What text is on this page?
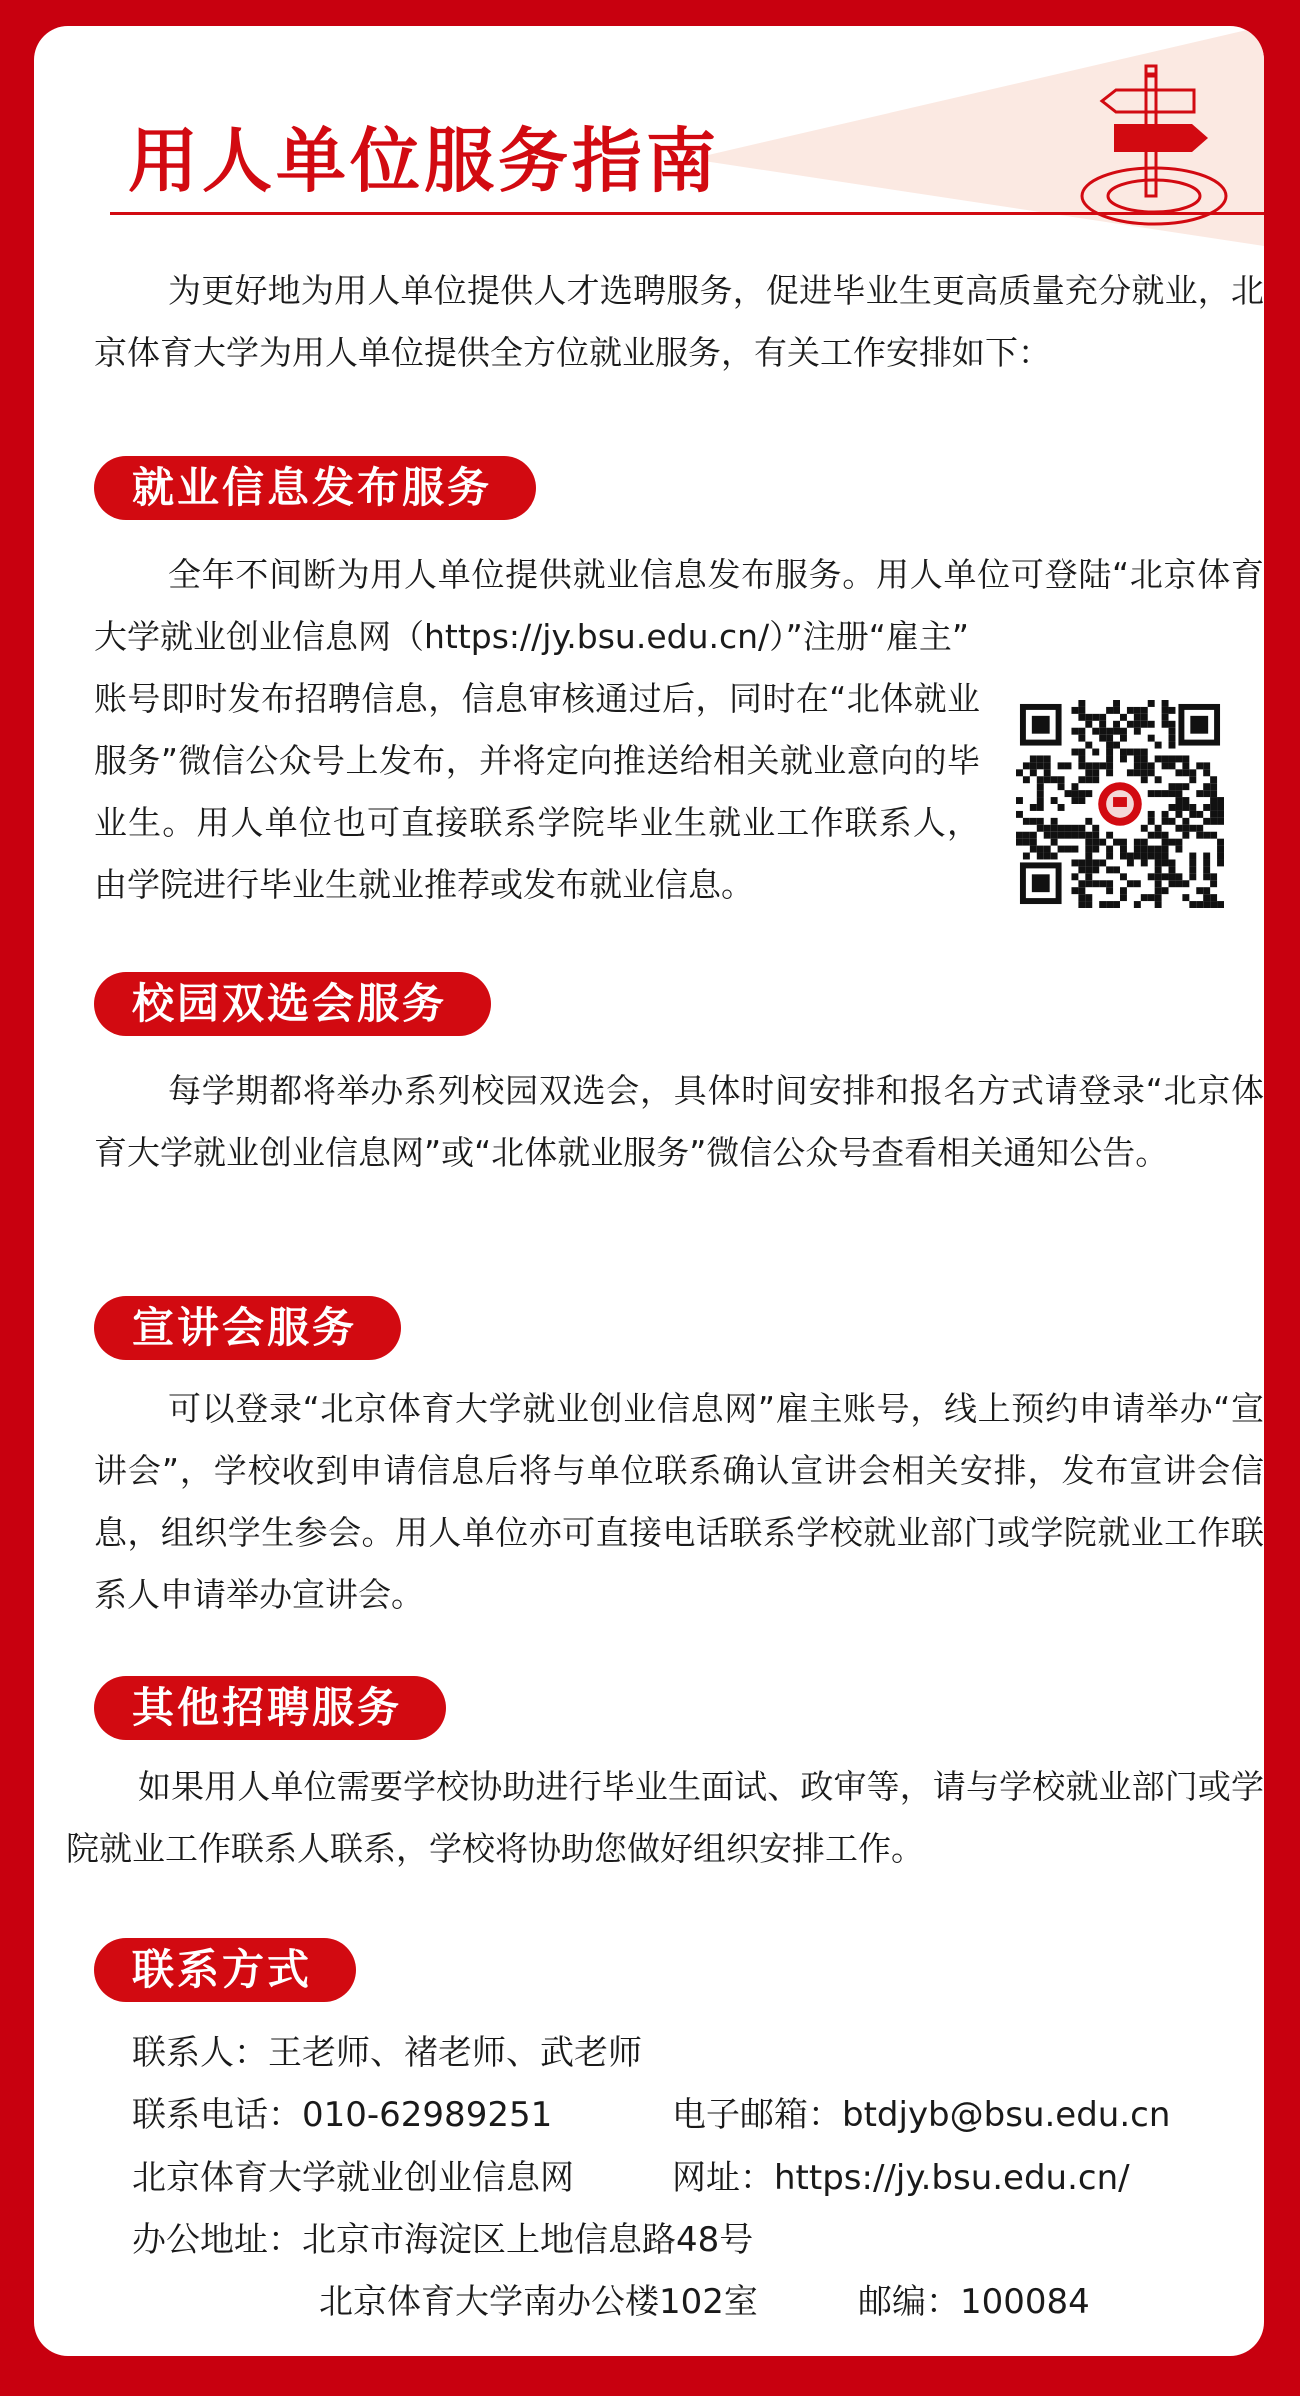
用人单位服务指南

为更好地为用人单位提供人才选聘服务，促进毕业生更高质量充分就业，北京体育大学为用人单位提供全方位就业服务，有关工作安排如下：

就业信息发布服务

全年不间断为用人单位提供就业信息发布服务。用人单位可登陆“北京体育大学就业创业信息网（https://jy.bsu.edu.cn/）”注册“雇主”

账号即时发布招聘信息，信息审核通过后，同时在“北体就业服务”微信公众号上发布，并将定向推送给相关就业意向的毕业生。用人单位也可直接联系学院毕业生就业工作联系人，由学院进行毕业生就业推荐或发布就业信息。

校园双选会服务

每学期都将举办系列校园双选会，具体时间安排和报名方式请登录“北京体育大学就业创业信息网”或“北体就业服务”微信公众号查看相关通知公告。

宣讲会服务

可以登录“北京体育大学就业创业信息网”雇主账号，线上预约申请举办“宣讲会”，学校收到申请信息后将与单位联系确认宣讲会相关安排，发布宣讲会信息，组织学生参会。用人单位亦可直接电话联系学校就业部门或学院就业工作联系人申请举办宣讲会。

其他招聘服务

如果用人单位需要学校协助进行毕业生面试、政审等，请与学校就业部门或学院就业工作联系人联系，学校将协助您做好组织安排工作。

联系方式

联系人：王老师、褚老师、武老师

联系电话：010-62989251	电子邮箱：btdjyb@bsu.edu.cn

北京体育大学就业创业信息网	网址：https://jy.bsu.edu.cn/

办公地址：北京市海淀区上地信息路48号

北京体育大学南办公楼102室	邮编：100084
